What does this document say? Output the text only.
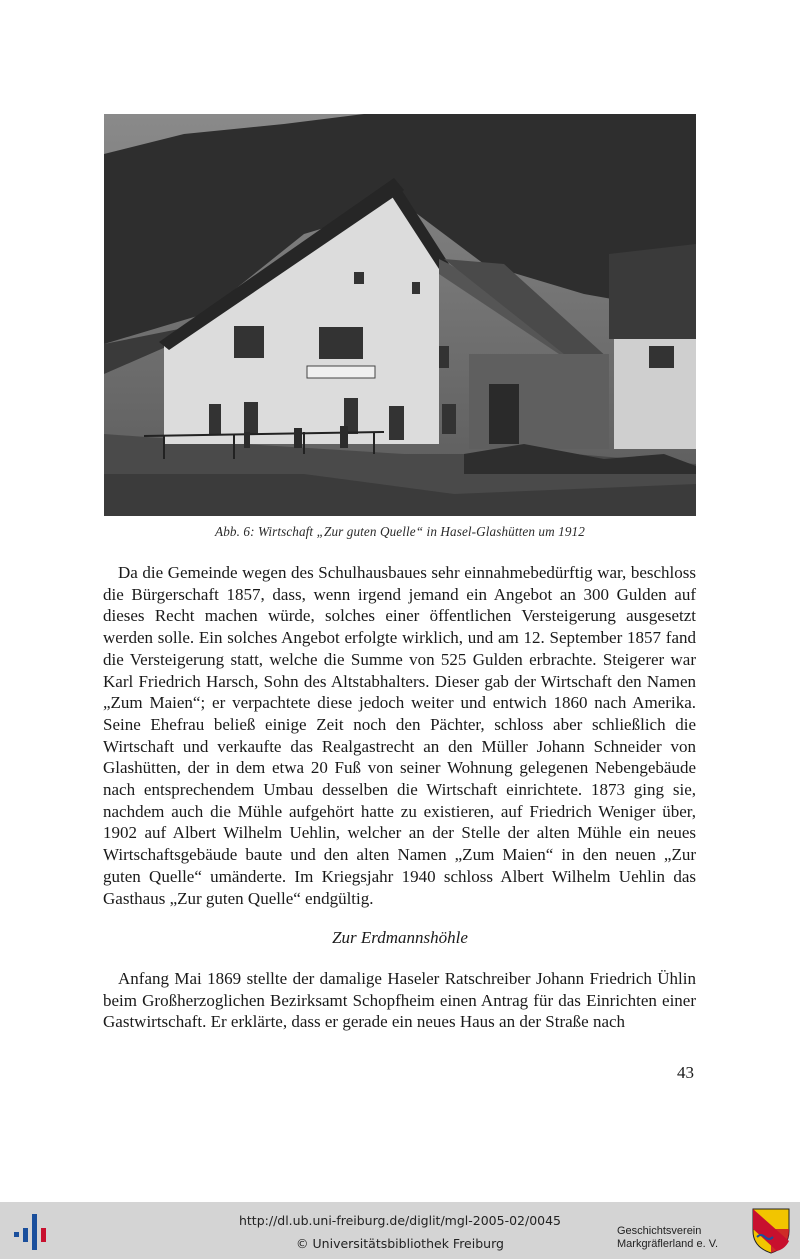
Abb. 6: Wirtschaft „Zur guten Quelle“ in Hasel-Glashütten um 1912

Da die Gemeinde wegen des Schulhausbaues sehr einnahmebedürftig war, beschloss die Bürgerschaft 1857, dass, wenn irgend jemand ein Angebot an 300 Gulden auf dieses Recht machen würde, solches einer öffentlichen Versteigerung ausgesetzt werden solle. Ein solches Angebot erfolgte wirklich, und am 12. September 1857 fand die Versteigerung statt, welche die Summe von 525 Gulden erbrachte. Steigerer war Karl Friedrich Harsch, Sohn des Altstabhalters. Dieser gab der Wirtschaft den Namen „Zum Maien“; er verpachtete diese jedoch weiter und entwich 1860 nach Amerika. Seine Ehefrau beließ einige Zeit noch den Pächter, schloss aber schließlich die Wirtschaft und verkaufte das Realgastrecht an den Müller Johann Schneider von Glashütten, der in dem etwa 20 Fuß von seiner Wohnung gelegenen Nebengebäude nach entsprechendem Umbau desselben die Wirtschaft einrichtete. 1873 ging sie, nachdem auch die Mühle aufgehört hatte zu existieren, auf Friedrich Weniger über, 1902 auf Albert Wilhelm Uehlin, welcher an der Stelle der alten Mühle ein neues Wirtschaftsgebäude baute und den alten Namen „Zum Maien“ in den neuen „Zur guten Quelle“ umänderte. Im Kriegsjahr 1940 schloss Albert Wilhelm Uehlin das Gasthaus „Zur guten Quelle“ endgültig.

Zur Erdmannshöhle

Anfang Mai 1869 stellte der damalige Haseler Ratschreiber Johann Friedrich Ühlin beim Großherzoglichen Bezirksamt Schopfheim einen Antrag für das Einrichten einer Gastwirtschaft. Er erklärte, dass er gerade ein neues Haus an der Straße nach

43
http://dl.ub.uni-freiburg.de/diglit/mgl-2005-02/0045
© Universitätsbibliothek Freiburg
Geschichtsverein
Markgräflerland e. V.
